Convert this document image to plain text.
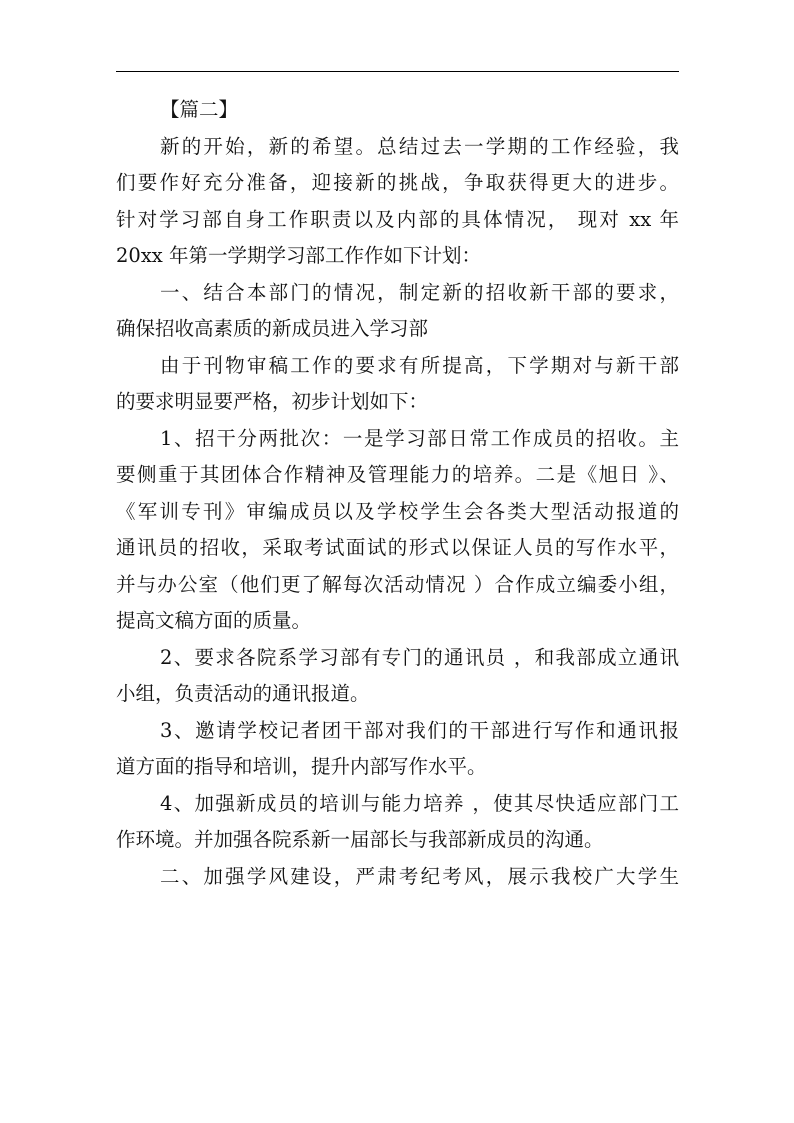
【篇二】
新的开始，新的希望。总结过去一学期的工作经验，我
们要作好充分准备，迎接新的挑战，争取获得更大的进步。
针对学习部自身工作职责以及内部的具体情况， 现对 xx 年
20xx 年第一学期学习部工作作如下计划：
一、结合本部门的情况，制定新的招收新干部的要求，
确保招收高素质的新成员进入学习部
由于刊物审稿工作的要求有所提高，下学期对与新干部
的要求明显要严格，初步计划如下：
1、招干分两批次：一是学习部日常工作成员的招收。主
要侧重于其团体合作精神及管理能力的培养。二是《旭日 》、
《军训专刊》审编成员以及学校学生会各类大型活动报道的
通讯员的招收，采取考试面试的形式以保证人员的写作水平，
并与办公室（他们更了解每次活动情况 ）合作成立编委小组，
提高文稿方面的质量。
2、要求各院系学习部有专门的通讯员 ，和我部成立通讯
小组，负责活动的通讯报道。
3、邀请学校记者团干部对我们的干部进行写作和通讯报
道方面的指导和培训，提升内部写作水平。
4、加强新成员的培训与能力培养 ，使其尽快适应部门工
作环境。并加强各院系新一届部长与我部新成员的沟通。
二、加强学风建设，严肃考纪考风，展示我校广大学生
